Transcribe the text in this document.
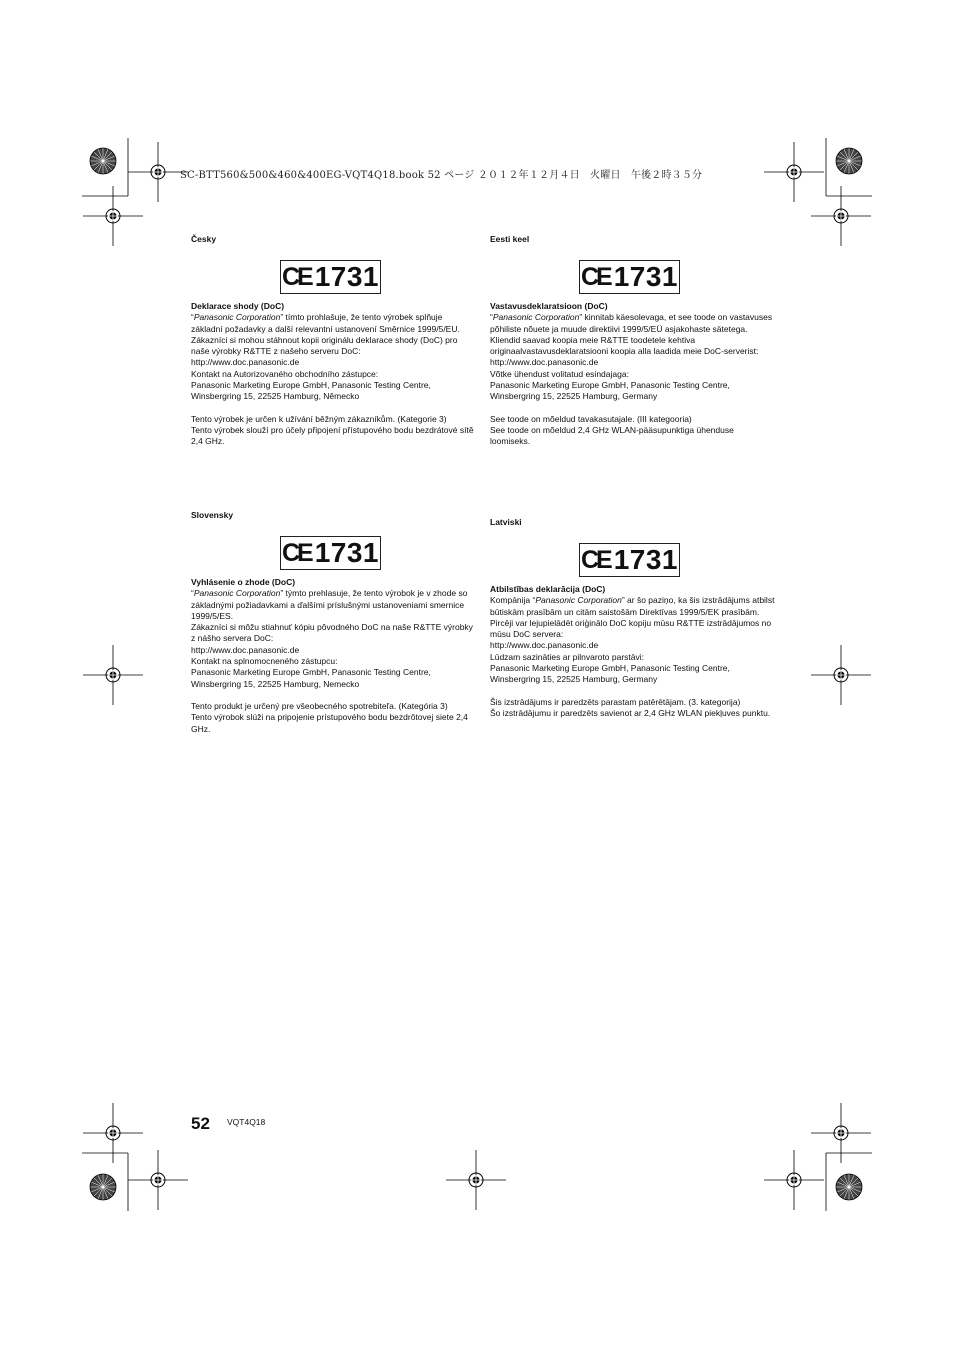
SC-BTT560&500&460&400EG-VQT4Q18.book 52 ページ ２０１２年１２月４日　火曜日　午後２時３５分
Česky
CE 1731

Deklarace shody (DoC)

“Panasonic Corporation” tímto prohlašuje, že tento výrobek splňuje základní požadavky a další relevantní ustanovení Směrnice 1999/5/EU.

Zákazníci si mohou stáhnout kopii originálu deklarace shody (DoC) pro naše výrobky R&TTE z našeho serveru DoC:

http://www.doc.panasonic.de

Kontakt na Autorizovaného obchodního zástupce:

Panasonic Marketing Europe GmbH, Panasonic Testing Centre, Winsbergring 15, 22525 Hamburg, Německo

Tento výrobek je určen k užívání běžným zákazníkům. (Kategorie 3)

Tento výrobek slouží pro účely připojení přístupového bodu bezdrátové sítě 2,4 GHz.

Eesti keel
CE 1731

Vastavusdeklaratsioon (DoC)

“Panasonic Corporation” kinnitab käesolevaga, et see toode on vastavuses põhiliste nõuete ja muude direktiivi 1999/5/EÜ asjakohaste sätetega.

Kliendid saavad koopia meie R&TTE toodetele kehtiva originaalvastavusdeklaratsiooni koopia alla laadida meie DoC-serverist:

http://www.doc.panasonic.de

Võtke ühendust volitatud esindajaga:

Panasonic Marketing Europe GmbH, Panasonic Testing Centre, Winsbergring 15, 22525 Hamburg, Germany

See toode on mõeldud tavakasutajale. (III kategooria)

See toode on mõeldud 2,4 GHz WLAN-pääsupunktiga ühenduse loomiseks.

Slovensky
CE 1731

Vyhlásenie o zhode (DoC)

“Panasonic Corporation” týmto prehlasuje, že tento výrobok je v zhode so základnými požiadavkami a ďalšími príslušnými ustanoveniami smernice 1999/5/ES.

Zákazníci si môžu stiahnuť kópiu pôvodného DoC na naše R&TTE výrobky z nášho servera DoC:

http://www.doc.panasonic.de

Kontakt na splnomocneného zástupcu:

Panasonic Marketing Europe GmbH, Panasonic Testing Centre, Winsbergring 15, 22525 Hamburg, Nemecko

Tento produkt je určený pre všeobecného spotrebiteľa. (Kategória 3)

Tento výrobok slúži na pripojenie prístupového bodu bezdrôtovej siete 2,4 GHz.

Latviski
CE 1731

Atbilstības deklarācija (DoC)

Kompānija “Panasonic Corporation” ar šo paziņo, ka šis izstrādājums atbilst būtiskām prasībām un citām saistošām Direktīvas 1999/5/EK prasībām.

Pircēji var lejupielādēt oriģinālo DoC kopiju mūsu R&TTE izstrādājumos no mūsu DoC servera:

http://www.doc.panasonic.de

Lūdzam sazināties ar pilnvaroto parstāvi:

Panasonic Marketing Europe GmbH, Panasonic Testing Centre, Winsbergring 15, 22525 Hamburg, Germany

Šis izstrādājums ir paredzēts parastam patērētājam. (3. kategorija)

Šo izstrādājumu ir paredzēts savienot ar 2,4 GHz WLAN piekļuves punktu.

52 VQT4Q18
